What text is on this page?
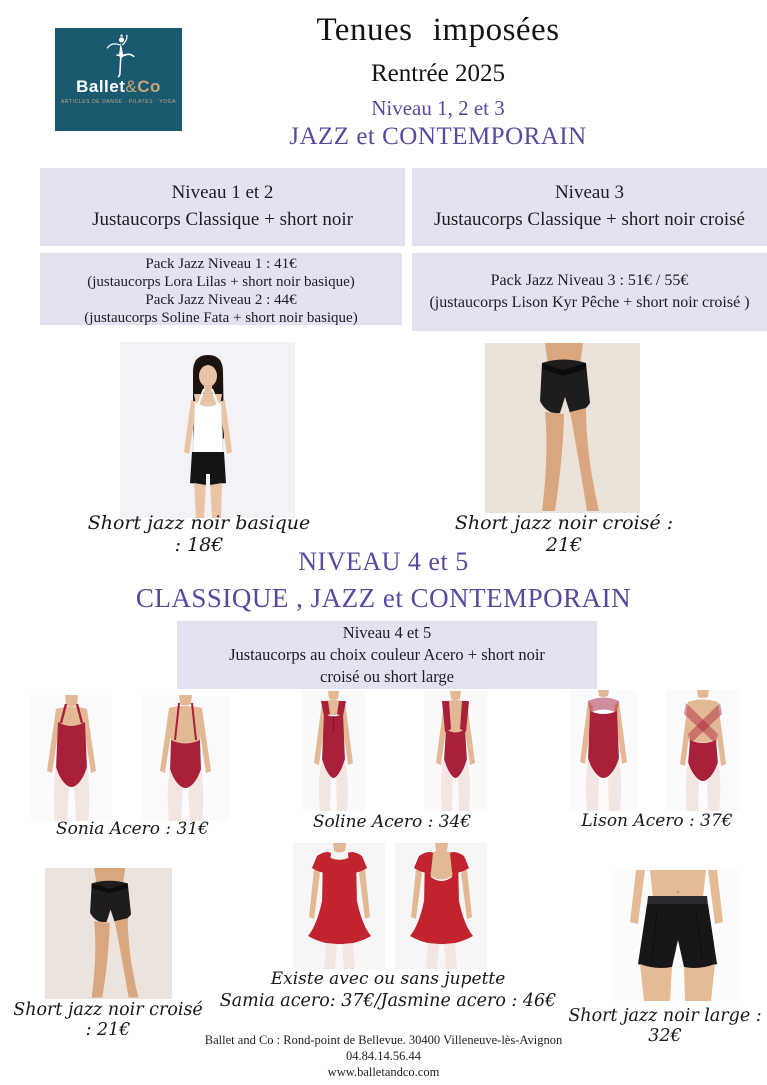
Ballet&Co
ARTICLES DE DANSE · PILATES · YOGA
Tenues imposées
Rentrée 2025
Niveau 1, 2 et 3
JAZZ et CONTEMPORAIN
Niveau 1 et 2
Justaucorps Classique + short noir
Niveau 3
Justaucorps Classique + short noir croisé
Pack Jazz Niveau 1 : 41€
(justaucorps Lora Lilas + short noir basique)
Pack Jazz Niveau 2 : 44€
(justaucorps Soline Fata + short noir basique)
Pack Jazz Niveau 3 : 51€ / 55€
(justaucorps Lison Kyr Pêche + short noir croisé )
Short jazz noir basique : 18€
Short jazz noir croisé : 21€
NIVEAU 4 et 5
CLASSIQUE , JAZZ et CONTEMPORAIN
Niveau 4 et 5
Justaucorps au choix couleur Acero + short noir
croisé ou short large
Sonia Acero : 31€	Soline Acero : 34€	Lison Acero : 37€
Short jazz noir croisé : 21€
Existe avec ou sans jupette
Samia acero: 37€/Jasmine acero : 46€
Short jazz noir large : 32€
Ballet and Co : Rond-point de Bellevue. 30400 Villeneuve-lès-Avignon
04.84.14.56.44
www.balletandco.com
